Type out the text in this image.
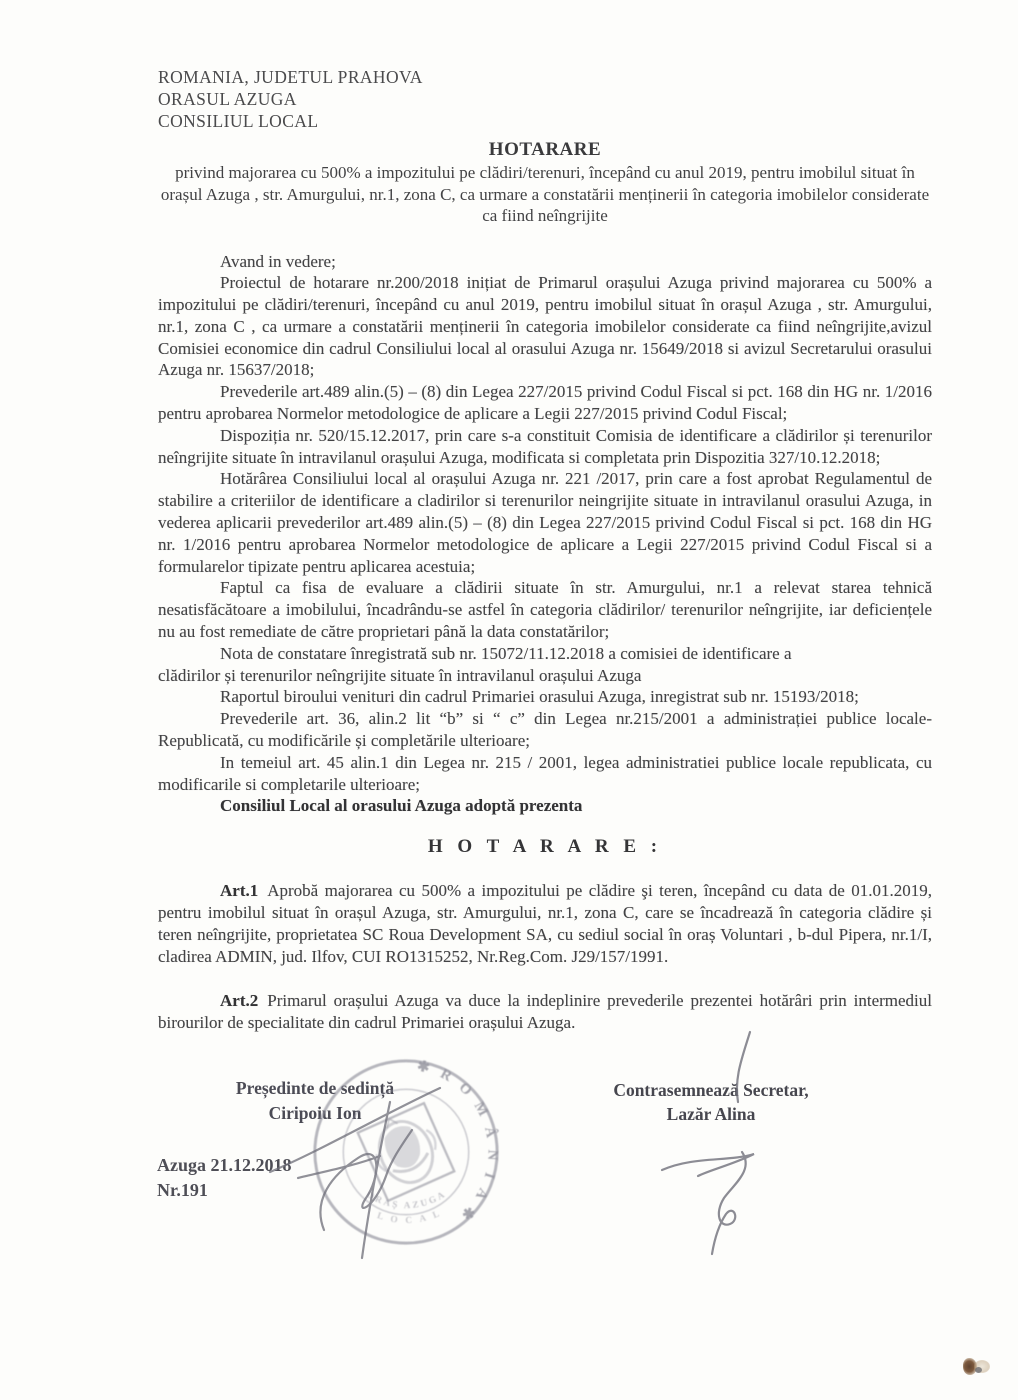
ROMANIA, JUDETUL PRAHOVA
ORASUL AZUGA
CONSILIUL LOCAL
HOTARARE
privind majorarea cu 500% a impozitului pe clădiri/terenuri, începând cu anul 2019, pentru imobilul situat în orașul Azuga , str. Amurgului, nr.1, zona C, ca urmare a constatării menținerii în categoria imobilelor considerate ca fiind neîngrijite

Avand in vedere;

Proiectul de hotarare nr.200/2018 inițiat de Primarul orașului Azuga privind majorarea cu 500% a impozitului pe clădiri/terenuri, începând cu anul 2019, pentru imobilul situat în orașul Azuga , str. Amurgului, nr.1, zona C , ca urmare a constatării menținerii în categoria imobilelor considerate ca fiind neîngrijite,avizul Comisiei economice din cadrul Consiliului local al orasului Azuga nr. 15649/2018 si avizul Secretarului orasului Azuga nr. 15637/2018;

Prevederile art.489 alin.(5) – (8) din Legea 227/2015 privind Codul Fiscal si pct. 168 din HG nr. 1/2016 pentru aprobarea Normelor metodologice de aplicare a Legii 227/2015 privind Codul Fiscal;

Dispoziția nr. 520/15.12.2017, prin care s-a constituit Comisia de identificare a clădirilor și terenurilor neîngrijite situate în intravilanul orașului Azuga, modificata si completata prin Dispozitia 327/10.12.2018;

Hotărârea Consiliului local al orașului Azuga nr. 221 /2017, prin care a fost aprobat Regulamentul de stabilire a criteriilor de identificare a cladirilor si terenurilor neingrijite situate in intravilanul orasului Azuga, in vederea aplicarii prevederilor art.489 alin.(5) – (8) din Legea 227/2015 privind Codul Fiscal si pct. 168 din HG nr. 1/2016 pentru aprobarea Normelor metodologice de aplicare a Legii 227/2015 privind Codul Fiscal si a formularelor tipizate pentru aplicarea acestuia;

Faptul ca fisa de evaluare a clădirii situate în str. Amurgului, nr.1 a relevat starea tehnică nesatisfăcătoare a imobilului, încadrându-se astfel în categoria clădirilor/ terenurilor neîngrijite, iar deficiențele nu au fost remediate de către proprietari până la data constatărilor;

Nota de constatare înregistrată sub nr. 15072/11.12.2018 a comisiei de identificare a
clădirilor și terenurilor neîngrijite situate în intravilanul orașului Azuga

Raportul biroului venituri din cadrul Primariei orasului Azuga, inregistrat sub nr. 15193/2018;

Prevederile art. 36, alin.2 lit “b” si “ c” din Legea nr.215/2001 a administrației publice locale- Republicată, cu modificările și completările ulterioare;

In temeiul art. 45 alin.1 din Legea nr. 215 / 2001, legea administratiei publice locale republicata, cu modificarile si completarile ulterioare;

Consiliul Local al orasului Azuga adoptă prezenta

H O T A R A R E :

Art.1 Aprobă majorarea cu 500% a impozitului pe clădire şi teren, începând cu data de 01.01.2019, pentru imobilul situat în orașul Azuga, str. Amurgului, nr.1, zona C, care se încadrează în categoria clădire și teren neîngrijite, proprietatea SC Roua Development SA, cu sediul social în oraș Voluntari , b-dul Pipera, nr.1/I, cladirea ADMIN, jud. Ilfov, CUI RO1315252, Nr.Reg.Com. J29/157/1991.

Art.2 Primarul orașului Azuga va duce la indeplinire prevederile prezentei hotărâri prin intermediul birourilor de specialitate din cadrul Primariei orașului Azuga.

Președinte de sedință
Ciripoiu Ion
Contrasemnează Secretar,
Lazăr Alina
Azuga 21.12.2018
Nr.191
✱ R O M Â N I A ✱
ORAȘ AZUGA
L O C A L
